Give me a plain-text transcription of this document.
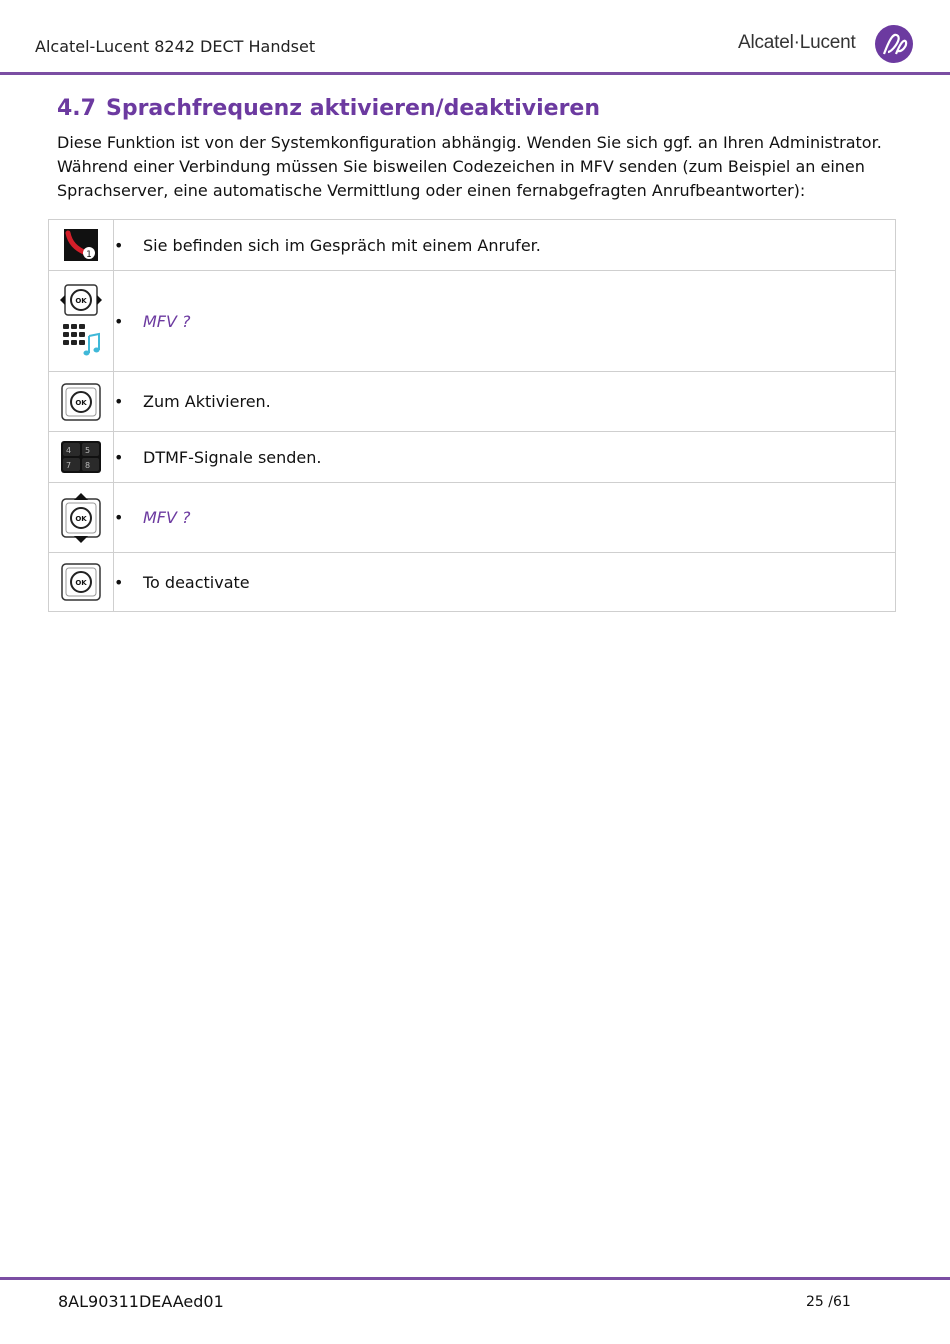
Alcatel-Lucent 8242 DECT Handset	Alcatel·Lucent
4.7 Sprachfrequenz aktivieren/deaktivieren

Diese Funktion ist von der Systemkonfiguration abhängig. Wenden Sie sich ggf. an Ihren Administrator.

Während einer Verbindung müssen Sie bisweilen Codezeichen in MFV senden (zum Beispiel an einen Sprachserver, eine automatische Vermittlung oder einen fernabgefragten Anrufbeantworter):

1	• Sie befinden sich im Gespräch mit einem Anrufer.

OK	• MFV ?

OK	• Zum Aktivieren.

4 5
7 8	• DTMF-Signale senden.

OK	• MFV ?

OK	• To deactivate
8AL90311DEAAed01	25 /61
